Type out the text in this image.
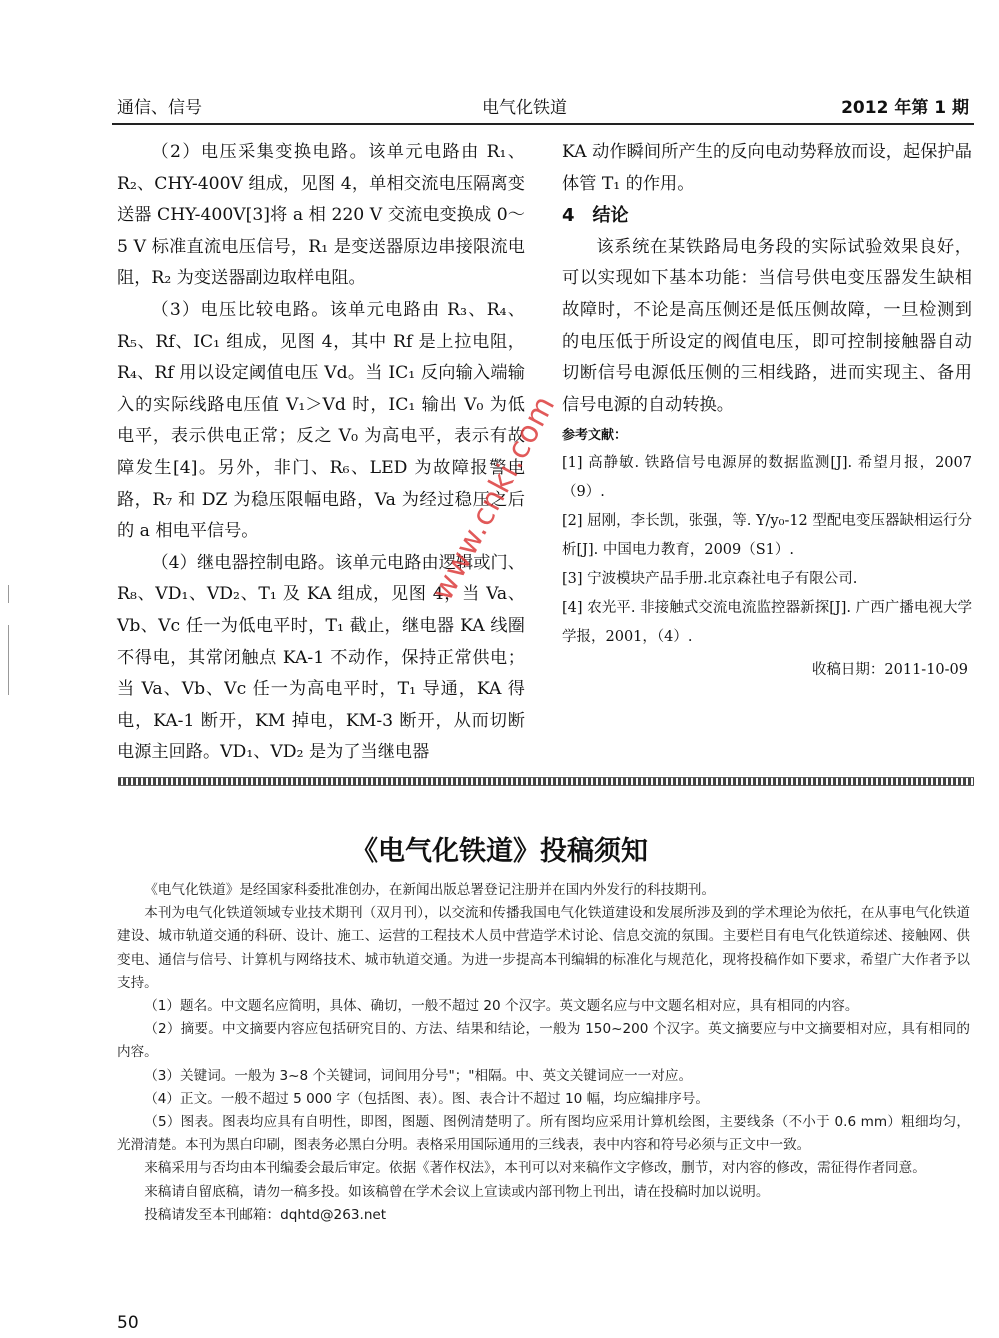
通信、信号	电气化铁道	2012 年第 1 期

（2）电压采集变换电路。该单元电路由 R₁、R₂、CHY-400V 组成，见图 4，单相交流电压隔离变送器 CHY-400V[3]将 a 相 220 V 交流电变换成 0～5 V 标准直流电压信号，R₁ 是变送器原边串接限流电阻，R₂ 为变送器副边取样电阻。

（3）电压比较电路。该单元电路由 R₃、R₄、R₅、Rf、IC₁ 组成，见图 4，其中 Rf 是上拉电阻，R₄、Rf 用以设定阈值电压 Vd。当 IC₁ 反向输入端输入的实际线路电压值 V₁＞Vd 时，IC₁ 输出 V₀ 为低电平，表示供电正常；反之 V₀ 为高电平，表示有故障发生[4]。另外，非门、R₆、LED 为故障报警电路，R₇ 和 DZ 为稳压限幅电路，Va 为经过稳压之后的 a 相电平信号。

（4）继电器控制电路。该单元电路由逻辑或门、R₈、VD₁、VD₂、T₁ 及 KA 组成，见图 4，当 Va、Vb、Vc 任一为低电平时，T₁ 截止，继电器 KA 线圈不得电，其常闭触点 KA-1 不动作，保持正常供电；当 Va、Vb、Vc 任一为高电平时，T₁ 导通，KA 得电，KA-1 断开，KM 掉电，KM-3 断开，从而切断电源主回路。VD₁、VD₂ 是为了当继电器

KA 动作瞬间所产生的反向电动势释放而设，起保护晶体管 T₁ 的作用。

4　结论

该系统在某铁路局电务段的实际试验效果良好，可以实现如下基本功能：当信号供电变压器发生缺相故障时，不论是高压侧还是低压侧故障，一旦检测到的电压低于所设定的阀值电压，即可控制接触器自动切断信号电源低压侧的三相线路，进而实现主、备用信号电源的自动转换。

参考文献：

[1] 高静敏. 铁路信号电源屏的数据监测[J]. 希望月报，2007（9）.

[2] 屈刚，李长凯，张强，等. Y/y₀-12 型配电变压器缺相运行分析[J]. 中国电力教育，2009（S1）.

[3] 宁波模块产品手册.北京森社电子有限公司.

[4] 农光平. 非接触式交流电流监控器新探[J]. 广西广播电视大学学报，2001，（4）.

收稿日期：2011-10-09

www.cnki.com
《电气化铁道》投稿须知

《电气化铁道》是经国家科委批准创办，在新闻出版总署登记注册并在国内外发行的科技期刊。

本刊为电气化铁道领域专业技术期刊（双月刊），以交流和传播我国电气化铁道建设和发展所涉及到的学术理论为依托，在从事电气化铁道建设、城市轨道交通的科研、设计、施工、运营的工程技术人员中营造学术讨论、信息交流的氛围。主要栏目有电气化铁道综述、接触网、供变电、通信与信号、计算机与网络技术、城市轨道交通。为进一步提高本刊编辑的标准化与规范化，现将投稿作如下要求，希望广大作者予以支持。

（1）题名。中文题名应简明，具体、确切，一般不超过 20 个汉字。英文题名应与中文题名相对应，具有相同的内容。

（2）摘要。中文摘要内容应包括研究目的、方法、结果和结论，一般为 150~200 个汉字。英文摘要应与中文摘要相对应，具有相同的内容。

（3）关键词。一般为 3~8 个关键词，词间用分号"；"相隔。中、英文关键词应一一对应。

（4）正文。一般不超过 5 000 字（包括图、表）。图、表合计不超过 10 幅，均应编排序号。

（5）图表。图表均应具有自明性，即图，图题、图例清楚明了。所有图均应采用计算机绘图，主要线条（不小于 0.6 mm）粗细均匀，光滑清楚。本刊为黑白印刷，图表务必黑白分明。表格采用国际通用的三线表，表中内容和符号必须与正文中一致。

来稿采用与否均由本刊编委会最后审定。依据《著作权法》，本刊可以对来稿作文字修改，删节，对内容的修改，需征得作者同意。

来稿请自留底稿，请勿一稿多投。如该稿曾在学术会议上宣读或内部刊物上刊出，请在投稿时加以说明。

投稿请发至本刊邮箱：dqhtd@263.net

50
